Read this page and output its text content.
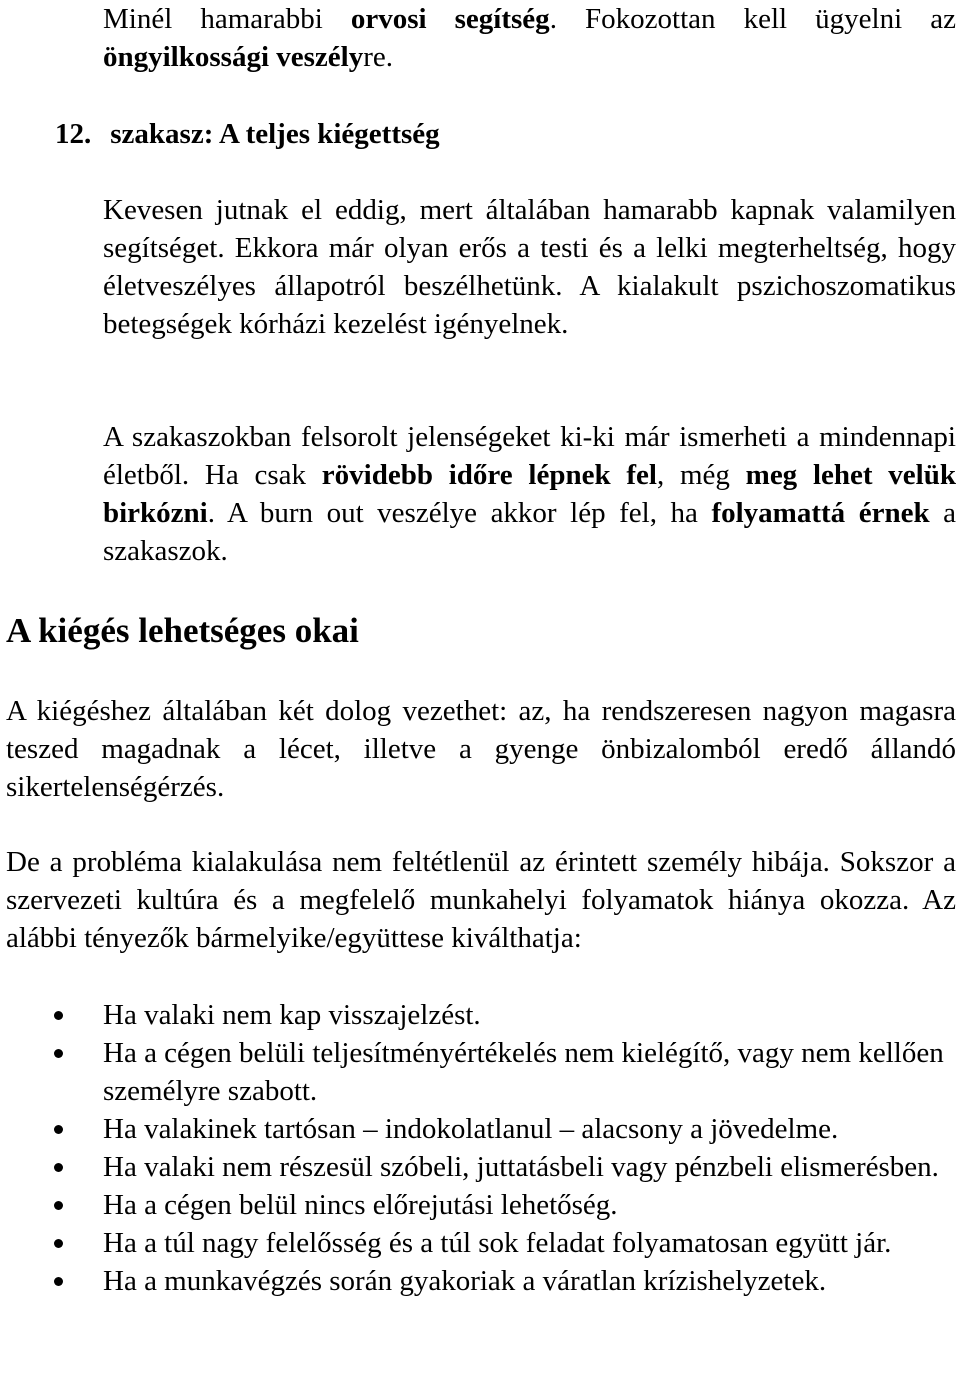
Minél hamarabbi orvosi segítség. Fokozottan kell ügyelni az öngyilkossági veszélyre.

12. szakasz: A teljes kiégettség

Kevesen jutnak el eddig, mert általában hamarabb kapnak valamilyen segítséget. Ekkora már olyan erős a testi és a lelki megterheltség, hogy életveszélyes állapotról beszélhetünk. A kialakult pszichoszomatikus betegségek kórházi kezelést igényelnek.

A szakaszokban felsorolt jelenségeket ki-ki már ismerheti a mindennapi életből. Ha csak rövidebb időre lépnek fel, még meg lehet velük birkózni. A burn out veszélye akkor lép fel, ha folyamattá érnek a szakaszok.

A kiégés lehetséges okai

A kiégéshez általában két dolog vezethet: az, ha rendszeresen nagyon magasra teszed magadnak a lécet, illetve a gyenge önbizalomból eredő állandó sikertelenségérzés.

De a probléma kialakulása nem feltétlenül az érintett személy hibája. Sokszor a szervezeti kultúra és a megfelelő munkahelyi folyamatok hiánya okozza. Az alábbi tényezők bármelyike/együttese kiválthatja:

Ha valaki nem kap visszajelzést.
Ha a cégen belüli teljesítményértékelés nem kielégítő, vagy nem kellően személyre szabott.
Ha valakinek tartósan – indokolatlanul – alacsony a jövedelme.
Ha valaki nem részesül szóbeli, juttatásbeli vagy pénzbeli elismerésben.
Ha a cégen belül nincs előrejutási lehetőség.
Ha a túl nagy felelősség és a túl sok feladat folyamatosan együtt jár.
Ha a munkavégzés során gyakoriak a váratlan krízishelyzetek.
